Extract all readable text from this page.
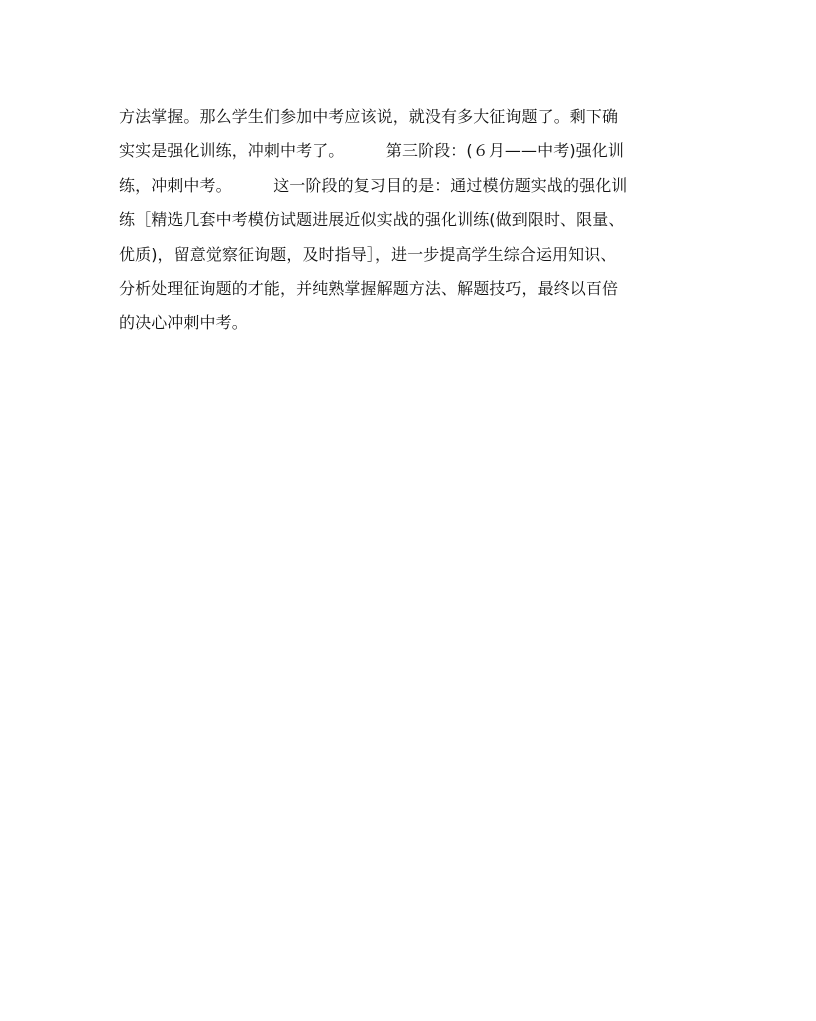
方法掌握。那么学生们参加中考应该说，就没有多大征询题了。剩下确
实实是强化训练，冲刺中考了。        第三阶段：(６月——中考)强化训
练，冲刺中考。        这一阶段的复习目的是：通过模仿题实战的强化训
练［精选几套中考模仿试题进展近似实战的强化训练(做到限时、限量、
优质)，留意觉察征询题，及时指导］，进一步提高学生综合运用知识、
分析处理征询题的才能，并纯熟掌握解题方法、解题技巧，最终以百倍
的决心冲刺中考。
